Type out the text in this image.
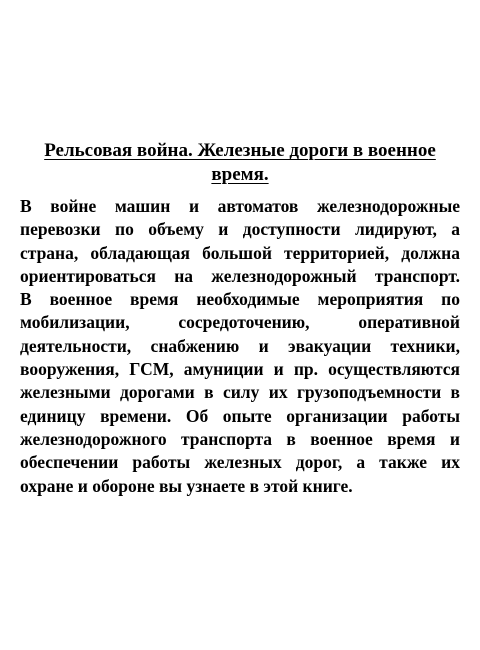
Рельсовая война. Железные дороги в военное время.
В войне машин и автоматов железнодорожные
перевозки по объему и доступности лидируют, а
страна, обладающая большой территорией, должна
ориентироваться на железнодорожный транспорт.
В военное время необходимые мероприятия по
мобилизации, сосредоточению, оперативной
деятельности, снабжению и эвакуации техники,
вооружения, ГСМ, амуниции и пр. осуществляются
железными дорогами в силу их грузоподъемности в
единицу времени. Об опыте организации работы
железнодорожного транспорта в военное время и
обеспечении работы железных дорог, а также их
охране и обороне вы узнаете в этой книге.
